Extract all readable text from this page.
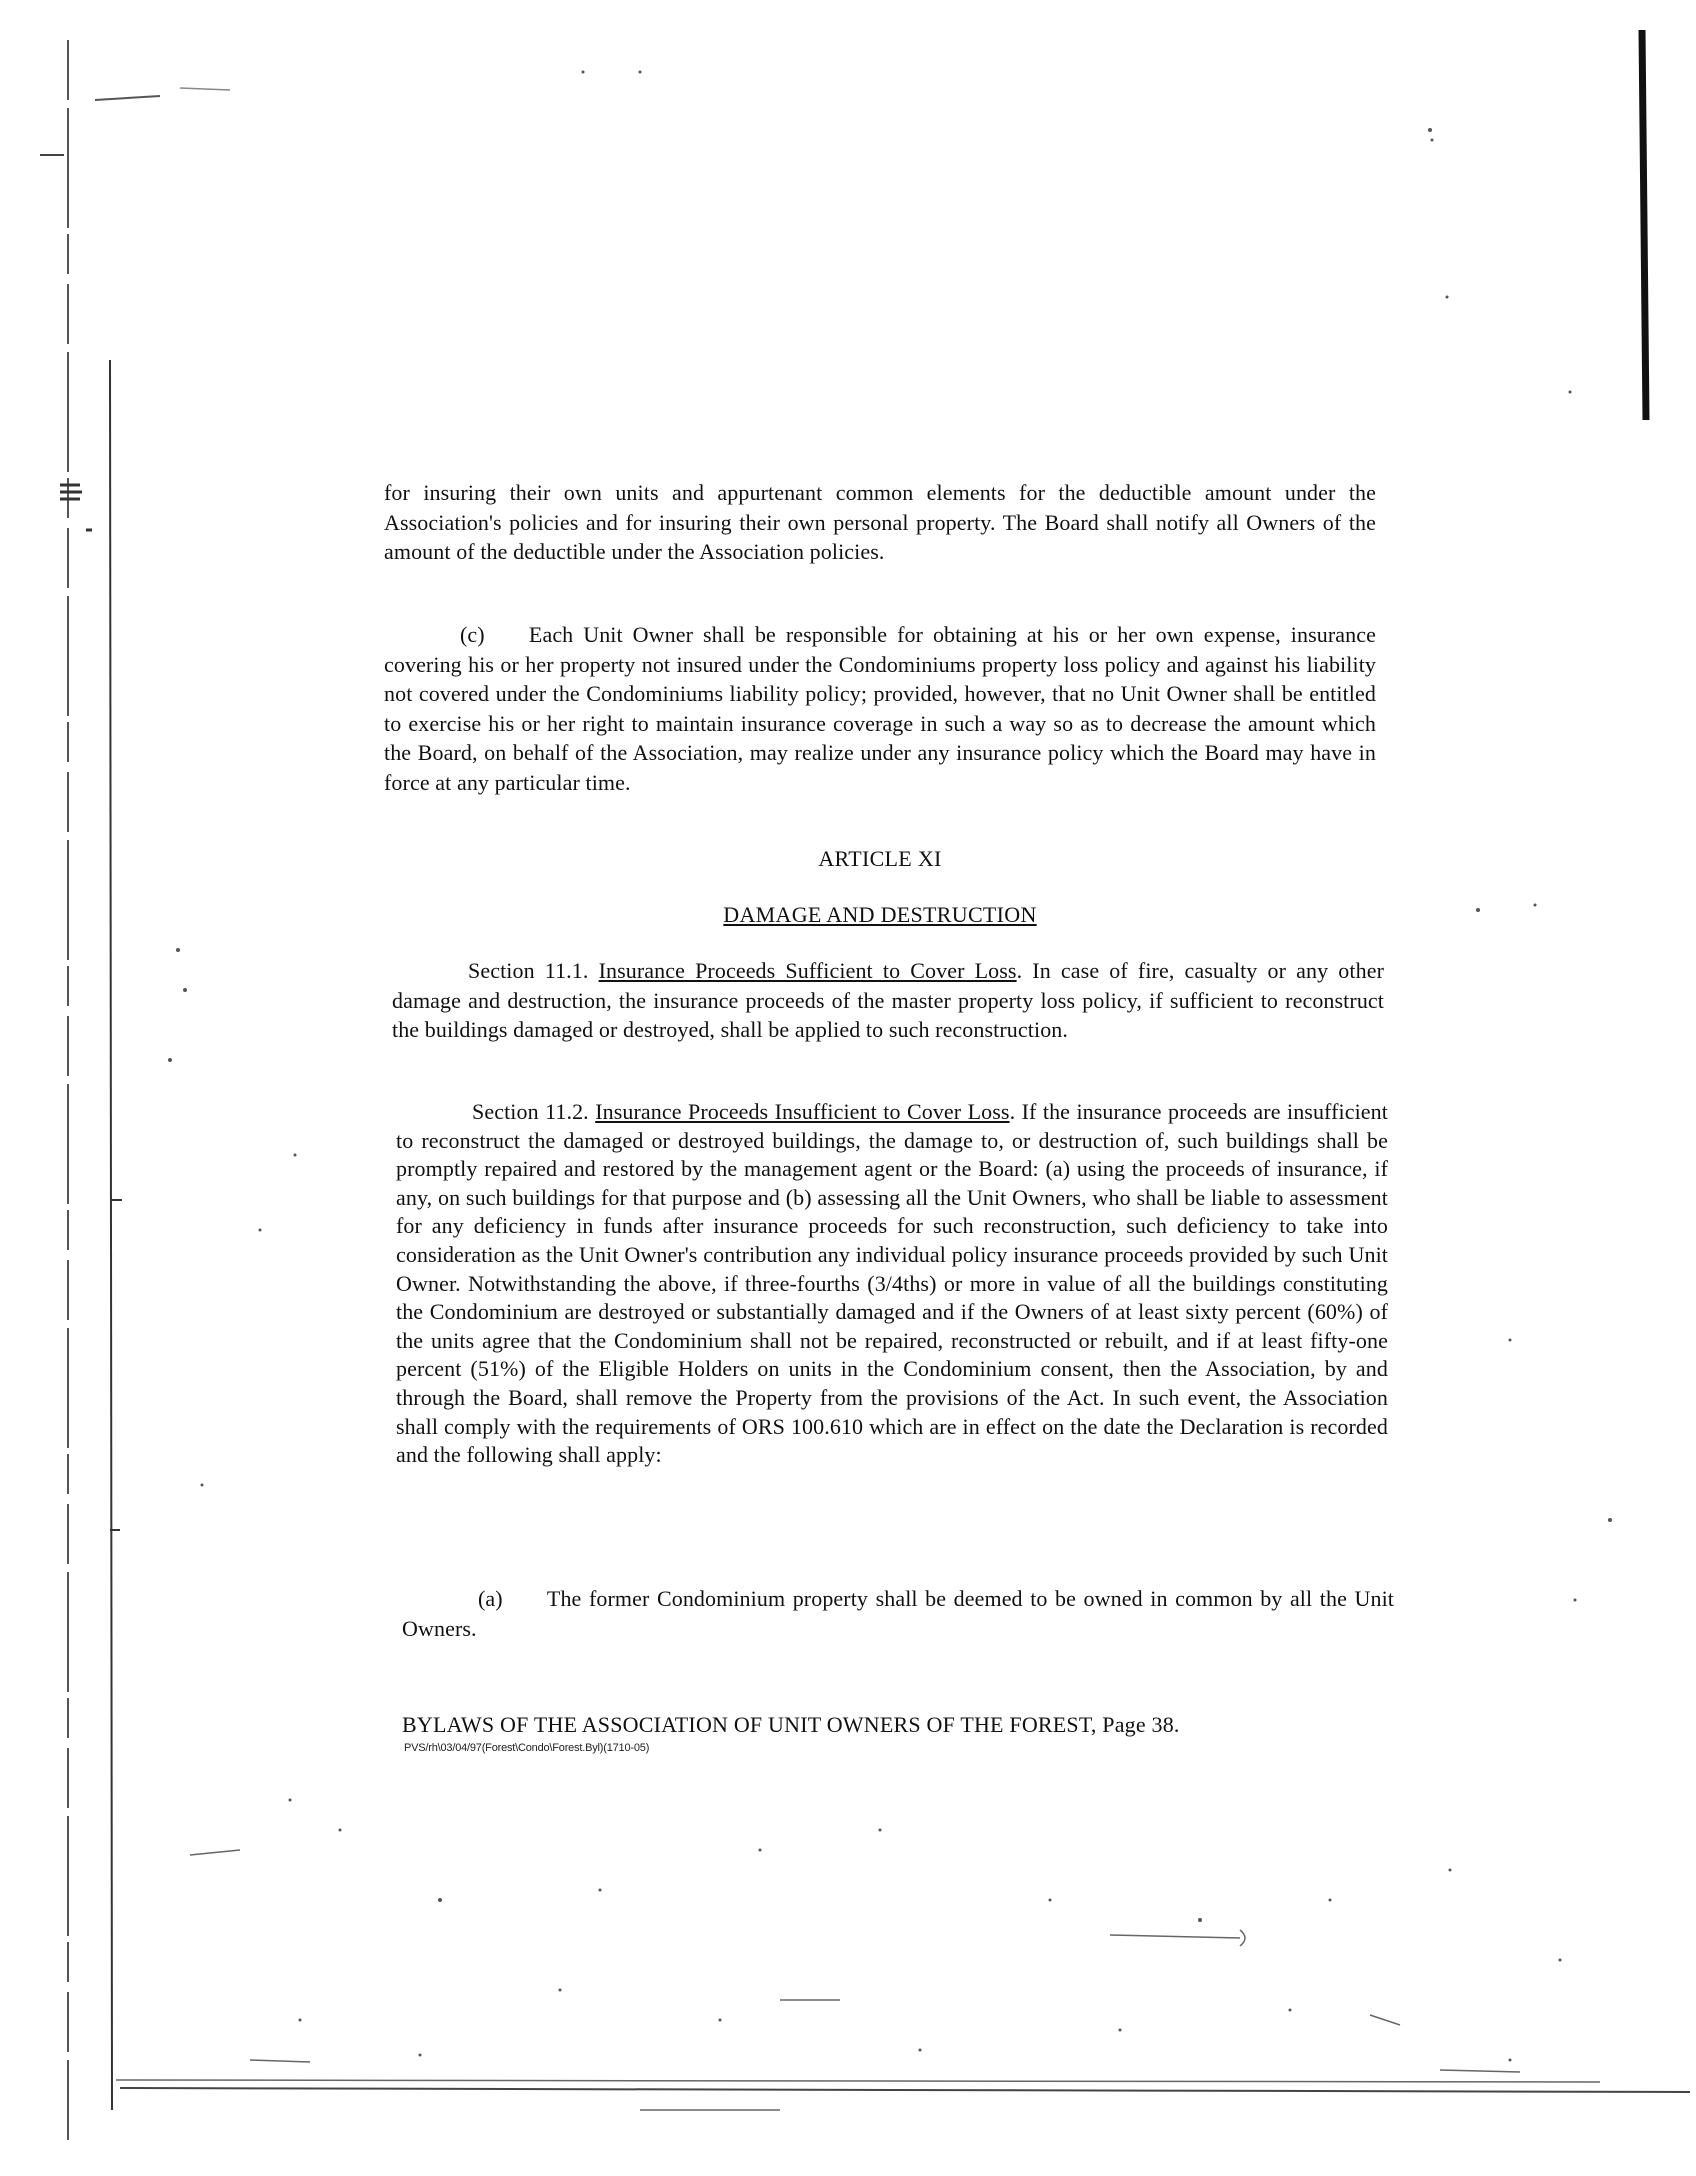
for insuring their own units and appurtenant common elements for the deductible amount under the Association's policies and for insuring their own personal property. The Board shall notify all Owners of the amount of the deductible under the Association policies.
(c)  Each Unit Owner shall be responsible for obtaining at his or her own expense, insurance covering his or her property not insured under the Condominiums property loss policy and against his liability not covered under the Condominiums liability policy; provided, however, that no Unit Owner shall be entitled to exercise his or her right to maintain insurance coverage in such a way so as to decrease the amount which the Board, on behalf of the Association, may realize under any insurance policy which the Board may have in force at any particular time.
ARTICLE XI
DAMAGE AND DESTRUCTION
Section 11.1. Insurance Proceeds Sufficient to Cover Loss. In case of fire, casualty or any other damage and destruction, the insurance proceeds of the master property loss policy, if sufficient to reconstruct the buildings damaged or destroyed, shall be applied to such reconstruction.
Section 11.2. Insurance Proceeds Insufficient to Cover Loss. If the insurance proceeds are insufficient to reconstruct the damaged or destroyed buildings, the damage to, or destruction of, such buildings shall be promptly repaired and restored by the management agent or the Board: (a) using the proceeds of insurance, if any, on such buildings for that purpose and (b) assessing all the Unit Owners, who shall be liable to assessment for any deficiency in funds after insurance proceeds for such reconstruction, such deficiency to take into consideration as the Unit Owner's contribution any individual policy insurance proceeds provided by such Unit Owner. Notwithstanding the above, if three-fourths (3/4ths) or more in value of all the buildings constituting the Condominium are destroyed or substantially damaged and if the Owners of at least sixty percent (60%) of the units agree that the Condominium shall not be repaired, reconstructed or rebuilt, and if at least fifty-one percent (51%) of the Eligible Holders on units in the Condominium consent, then the Association, by and through the Board, shall remove the Property from the provisions of the Act. In such event, the Association shall comply with the requirements of ORS 100.610 which are in effect on the date the Declaration is recorded and the following shall apply:
(a)  The former Condominium property shall be deemed to be owned in common by all the Unit Owners.
BYLAWS OF THE ASSOCIATION OF UNIT OWNERS OF THE FOREST, Page 38.
PVS/rh\03/04/97(Forest\Condo\Forest.Byl)(1710-05)
